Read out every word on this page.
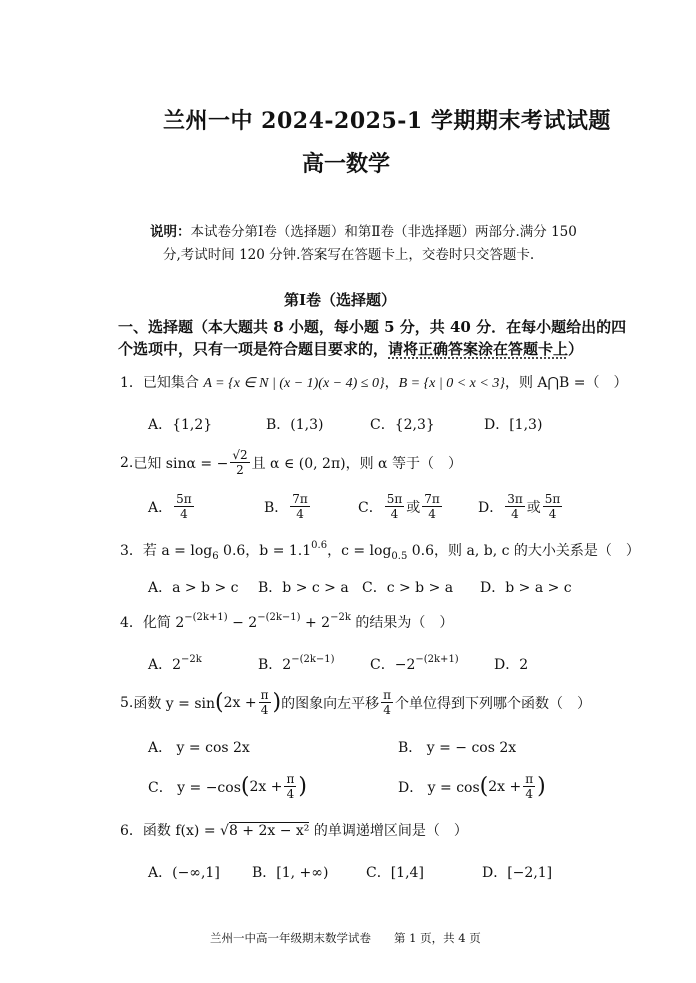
兰州一中 2024-2025-1 学期期末考试试题
高一数学
说明：本试卷分第Ⅰ卷（选择题）和第Ⅱ卷（非选择题）两部分.满分 150
分,考试时间 120 分钟.答案写在答题卡上，交卷时只交答题卡.
第Ⅰ卷（选择题）
一、选择题（本大题共 8 小题，每小题 5 分，共 40 分．在每小题给出的四
个选项中，只有一项是符合题目要求的，请将正确答案涂在答题卡上）
1．已知集合 A = {x ∈ N | (x − 1)(x − 4) ≤ 0}，B = {x | 0 < x < 3}，则 A⋂B =（　）
A．{1,2}	B．(1,3)	C．{2,3}	D．[1,3)
2. 已知 sinα = − $\frac{√2}{2}$ 且 α ∈ (0, 2π)，则 α 等于（　）
A． $\frac{5\pi}{4}$	B． $\frac{7\pi}{4}$	C． $\frac{5\pi}{4}$ 或 $\frac{7\pi}{4}$	D． $\frac{3\pi}{4}$ 或 $\frac{5\pi}{4}$
3．若 $a = \log_6 0.6$，$b = 1.1^{0.6}$，$c = \log_{0.5} 0.6$，则 a, b, c 的大小关系是（　）
A．a > b > c B．b > c > a C．c > b > a D．b > a > c
4．化简 $2^{-(2k+1)} - 2^{-(2k-1)} + 2^{-2k}$ 的结果为（　）
A．$2^{-2k}$	B．$2^{-(2k-1)}$	C．$-2^{-(2k+1)}$	D．2
5. 函数 y = sin ( $2x + \frac{\pi}{4}$ ) 的图象向左平移 $\frac{\pi}{4}$ 个单位得到下列哪个函数（　）
A． y = cos 2x	B． y = − cos 2x
C． y = −cos ( $2x + \frac{\pi}{4}$ )	D． y = cos ( $2x + \frac{\pi}{4}$ )
6．函数 f(x) = √8 + 2x − x² 的单调递增区间是（　）
A．(−∞,1] B．[1, +∞)	C．[1,4]	D．[−2,1]
兰州一中高一年级期末数学试卷　　第 1 页，共 4 页
